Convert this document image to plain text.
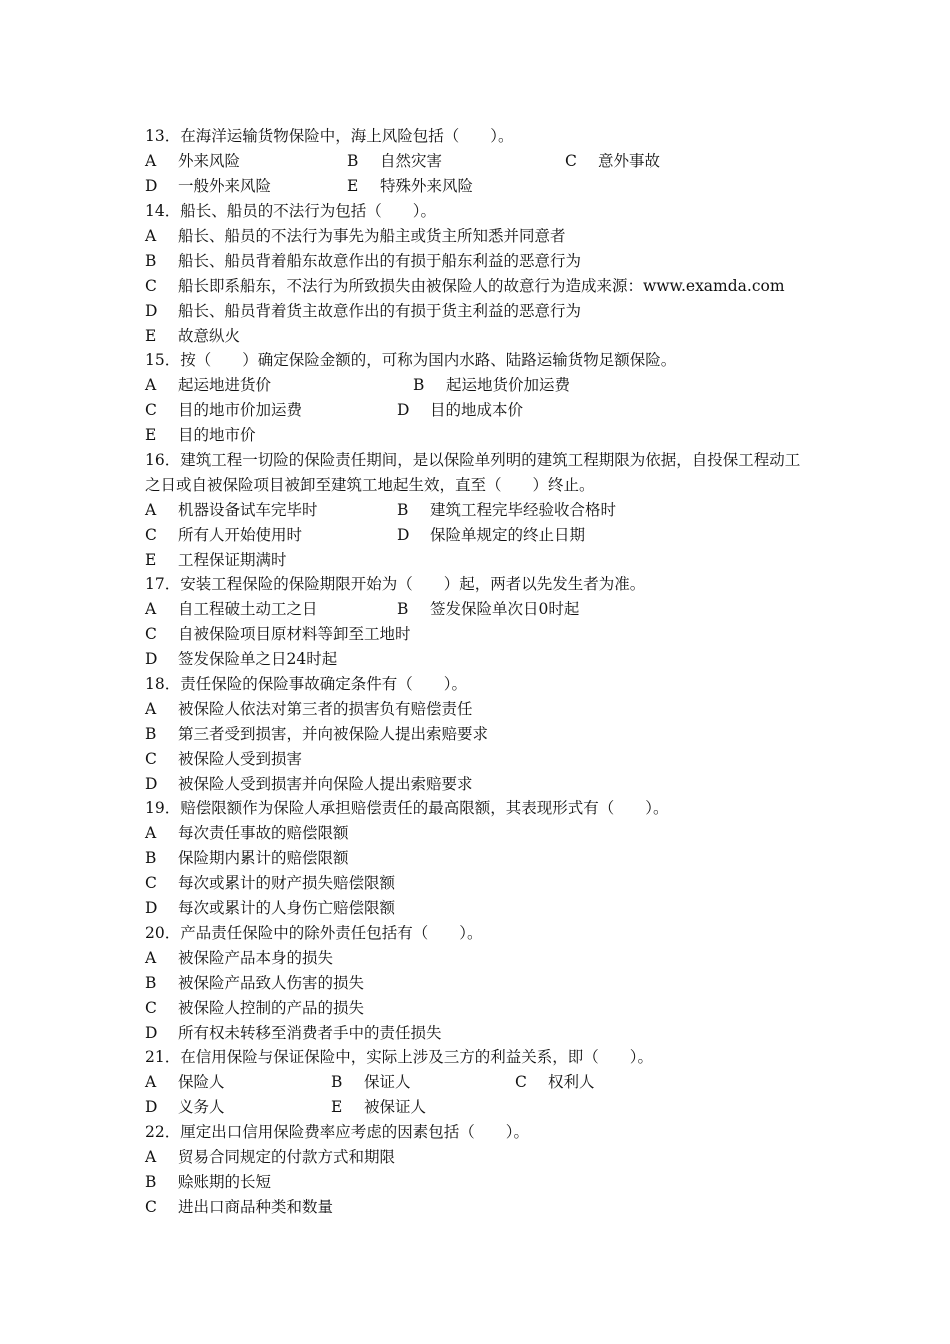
13．在海洋运输货物保险中，海上风险包括（　　）。
A 外来风险	B 自然灾害	C 意外事故
D 一般外来风险	E 特殊外来风险
14．船长、船员的不法行为包括（　　）。
A 船长、船员的不法行为事先为船主或货主所知悉并同意者
B 船长、船员背着船东故意作出的有损于船东利益的恶意行为
C 船长即系船东，不法行为所致损失由被保险人的故意行为造成来源：www.examda.com
D 船长、船员背着货主故意作出的有损于货主利益的恶意行为
E 故意纵火
15．按（　　）确定保险金额的，可称为国内水路、陆路运输货物足额保险。
A 起运地进货价	B 起运地货价加运费
C 目的地市价加运费	D 目的地成本价
E 目的地市价
16．建筑工程一切险的保险责任期间，是以保险单列明的建筑工程期限为依据，自投保工程动工之日或自被保险项目被卸至建筑工地起生效，直至（　　）终止。
A 机器设备试车完毕时	B 建筑工程完毕经验收合格时
C 所有人开始使用时	D 保险单规定的终止日期
E 工程保证期满时
17．安装工程保险的保险期限开始为（　　）起，两者以先发生者为准。
A 自工程破土动工之日	B 签发保险单次日0时起
C 自被保险项目原材料等卸至工地时
D 签发保险单之日24时起
18．责任保险的保险事故确定条件有（　　）。
A 被保险人依法对第三者的损害负有赔偿责任
B 第三者受到损害，并向被保险人提出索赔要求
C 被保险人受到损害
D 被保险人受到损害并向保险人提出索赔要求
19．赔偿限额作为保险人承担赔偿责任的最高限额，其表现形式有（　　）。
A 每次责任事故的赔偿限额
B 保险期内累计的赔偿限额
C 每次或累计的财产损失赔偿限额
D 每次或累计的人身伤亡赔偿限额
20．产品责任保险中的除外责任包括有（　　）。
A 被保险产品本身的损失
B 被保险产品致人伤害的损失
C 被保险人控制的产品的损失
D 所有权未转移至消费者手中的责任损失
21．在信用保险与保证保险中，实际上涉及三方的利益关系，即（　　）。
A 保险人	B 保证人	C 权利人
D 义务人	E 被保证人
22．厘定出口信用保险费率应考虑的因素包括（　　）。
A 贸易合同规定的付款方式和期限
B 赊账期的长短
C 进出口商品种类和数量
